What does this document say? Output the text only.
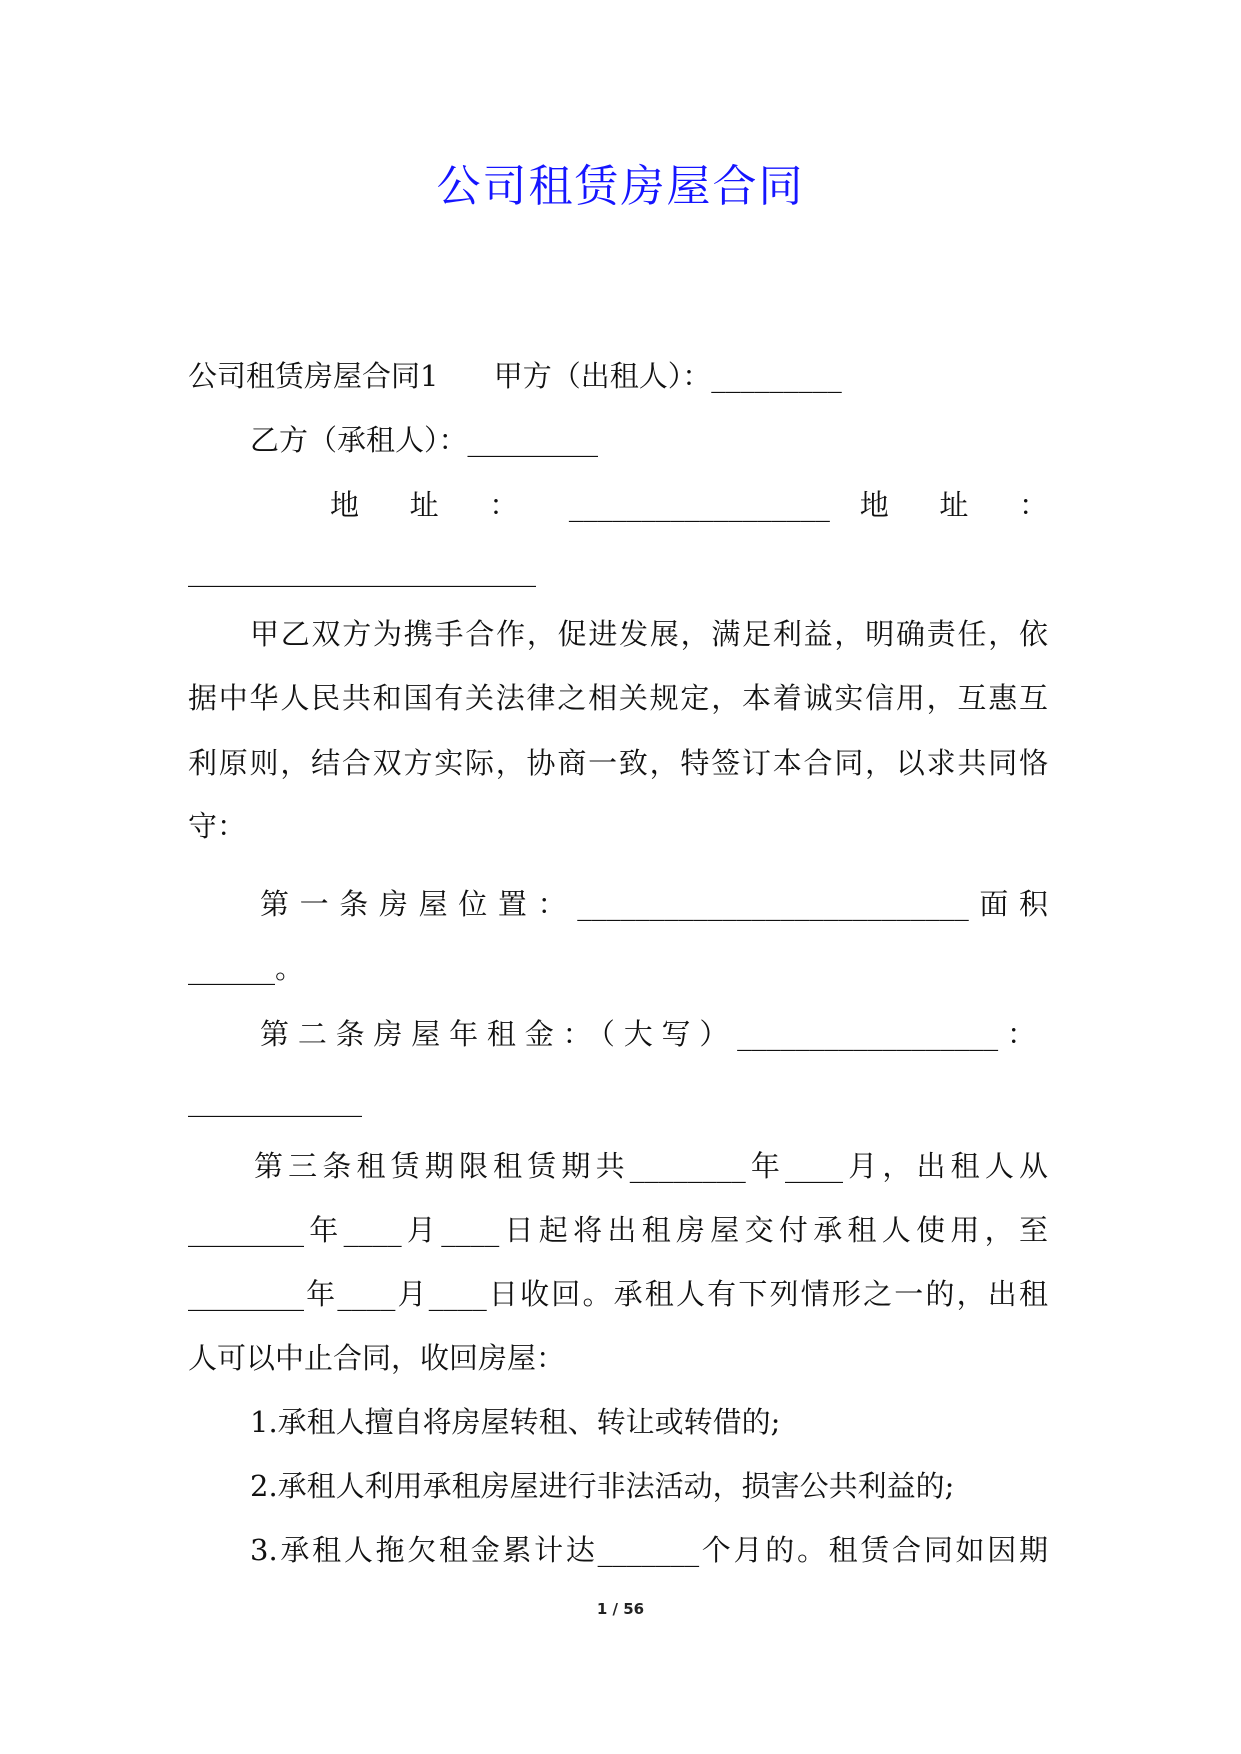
公司租赁房屋合同
公司租赁房屋合同1      甲方（出租人）：_________
乙方（承租人）：_________
地 址 ： __________________ 地 址 ：
________________________
甲乙双方为携手合作，促进发展，满足利益，明确责任，依
据中华人民共和国有关法律之相关规定，本着诚实信用，互惠互
利原则，结合双方实际，协商一致，特签订本合同，以求共同恪
守：
第一条房屋位置：___________________________面积
______。
第二条房屋年租金：（大写）__________________：
____________
第三条租赁期限租赁期共________年____月，出租人从
________年____月____日起将出租房屋交付承租人使用，至
________年____月____日收回。承租人有下列情形之一的，出租
人可以中止合同，收回房屋：
1.承租人擅自将房屋转租、转让或转借的;
2.承租人利用承租房屋进行非法活动，损害公共利益的;
3.承租人拖欠租金累计达_______个月的。租赁合同如因期
1 / 56
